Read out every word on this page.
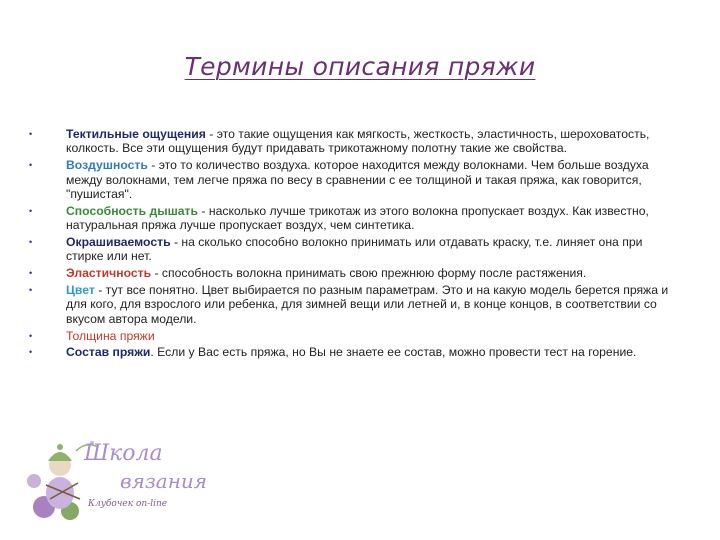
Термины описания пряжи
•	Тектильные ощущения - это такие ощущения как мягкость, жесткость, эластичность, шероховатость, колкость. Все эти ощущения будут придавать трикотажному полотну такие же свойства.
•	Воздушность - это то количество воздуха. которое находится между волокнами. Чем больше воздуха между волокнами, тем легче пряжа по весу в сравнении с ее толщиной и такая пряжа, как говорится, "пушистая".
•	Способность дышать - насколько лучше трикотаж из этого волокна пропускает воздух. Как известно, натуральная пряжа лучше пропускает воздух, чем синтетика.
•	Окрашиваемость - на сколько способно волокно принимать или отдавать краску, т.е. линяет она при стирке или нет.
•	Эластичность - способность волокна принимать свою прежнюю форму после растяжения.
•	Цвет - тут все понятно. Цвет выбирается по разным параметрам. Это и на какую модель берется пряжа и для кого, для взрослого или ребенка, для зимней вещи или летней и, в конце концов, в соответствии со вкусом автора модели.
•	Толщина пряжи
•	Состав пряжи. Если у Вас есть пряжа, но Вы не знаете ее состав, можно провести тест на горение.
Школа
вязания
Клубочек on-line
